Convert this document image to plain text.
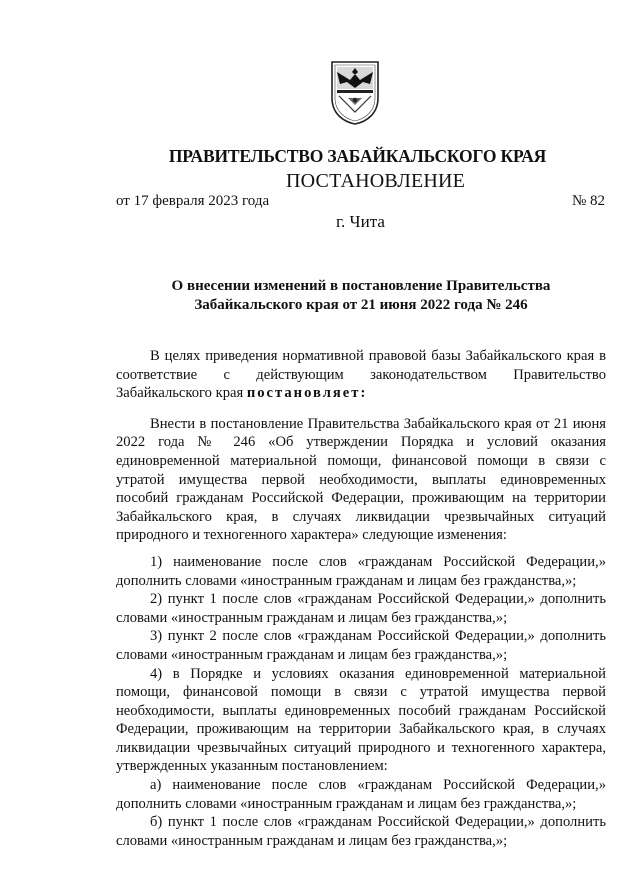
ПРАВИТЕЛЬСТВО ЗАБАЙКАЛЬСКОГО КРАЯ
ПОСТАНОВЛЕНИЕ
от 17 февраля 2023 года	№ 82
г. Чита
О внесении изменений в постановление Правительства
Забайкальского края от 21 июня 2022 года № 246

В целях приведения нормативной правовой базы Забайкальского края в соответствие с действующим законодательством Правительство Забайкальского края постановляет:

Внести в постановление Правительства Забайкальского края от 21 июня 2022 года № 246 «Об утверждении Порядка и условий оказания единовременной материальной помощи, финансовой помощи в связи с утратой имущества первой необходимости, выплаты единовременных пособий гражданам Российской Федерации, проживающим на территории Забайкальского края, в случаях ликвидации чрезвычайных ситуаций природного и техногенного характера» следующие изменения:

1) наименование после слов «гражданам Российской Федерации,» дополнить словами «иностранным гражданам и лицам без гражданства,»;

2) пункт 1 после слов «гражданам Российской Федерации,» дополнить словами «иностранным гражданам и лицам без гражданства,»;

3) пункт 2 после слов «гражданам Российской Федерации,» дополнить словами «иностранным гражданам и лицам без гражданства,»;

4) в Порядке и условиях оказания единовременной материальной помощи, финансовой помощи в связи с утратой имущества первой необходимости, выплаты единовременных пособий гражданам Российской Федерации, проживающим на территории Забайкальского края, в случаях ликвидации чрезвычайных ситуаций природного и техногенного характера, утвержденных указанным постановлением:

а) наименование после слов «гражданам Российской Федерации,» дополнить словами «иностранным гражданам и лицам без гражданства,»;

б) пункт 1 после слов «гражданам Российской Федерации,» дополнить словами «иностранным гражданам и лицам без гражданства,»;
